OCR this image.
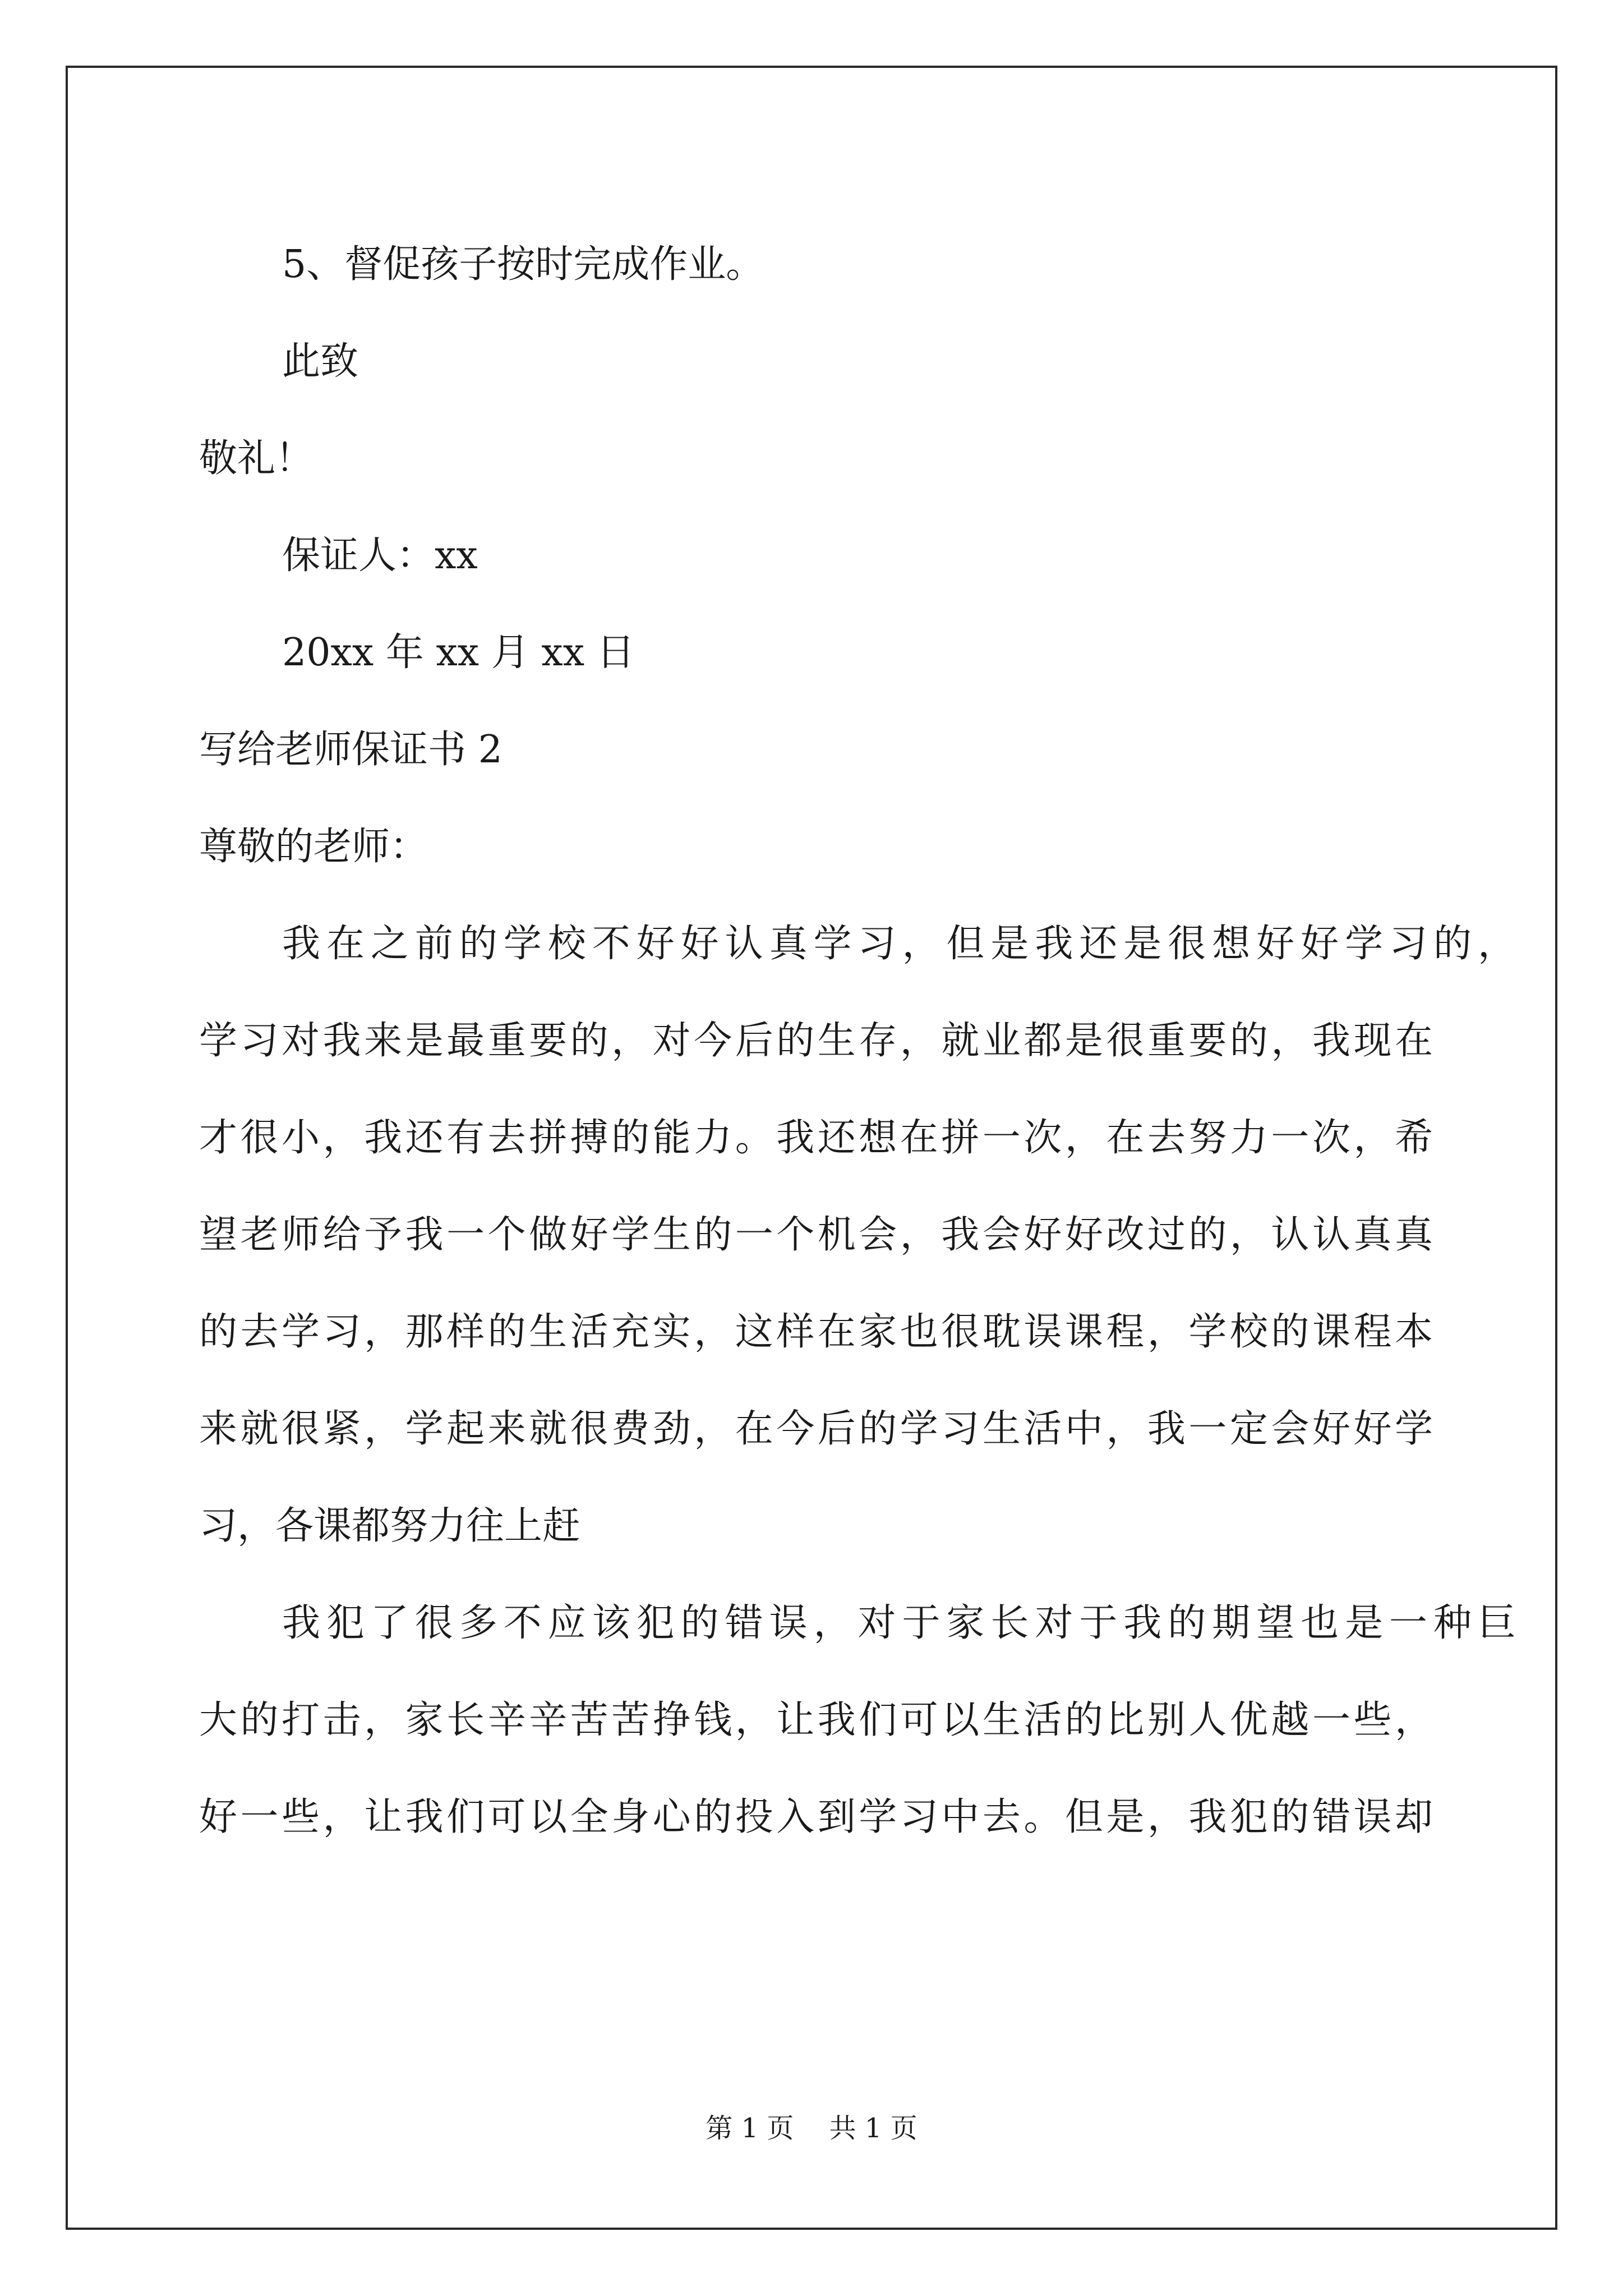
5、督促孩子按时完成作业。
此致
敬礼！
保证人：xx
20xx 年 xx 月 xx 日
写给老师保证书 2
尊敬的老师：
我在之前的学校不好好认真学习，但是我还是很想好好学习的，
学习对我来是最重要的，对今后的生存，就业都是很重要的，我现在
才很小，我还有去拼搏的能力。我还想在拼一次，在去努力一次，希
望老师给予我一个做好学生的一个机会，我会好好改过的，认认真真
的去学习，那样的生活充实，这样在家也很耽误课程，学校的课程本
来就很紧，学起来就很费劲，在今后的学习生活中，我一定会好好学
习，各课都努力往上赶
我犯了很多不应该犯的错误，对于家长对于我的期望也是一种巨
大的打击，家长辛辛苦苦挣钱，让我们可以生活的比别人优越一些，
好一些，让我们可以全身心的投入到学习中去。但是，我犯的错误却
第 1 页　 共 1 页
